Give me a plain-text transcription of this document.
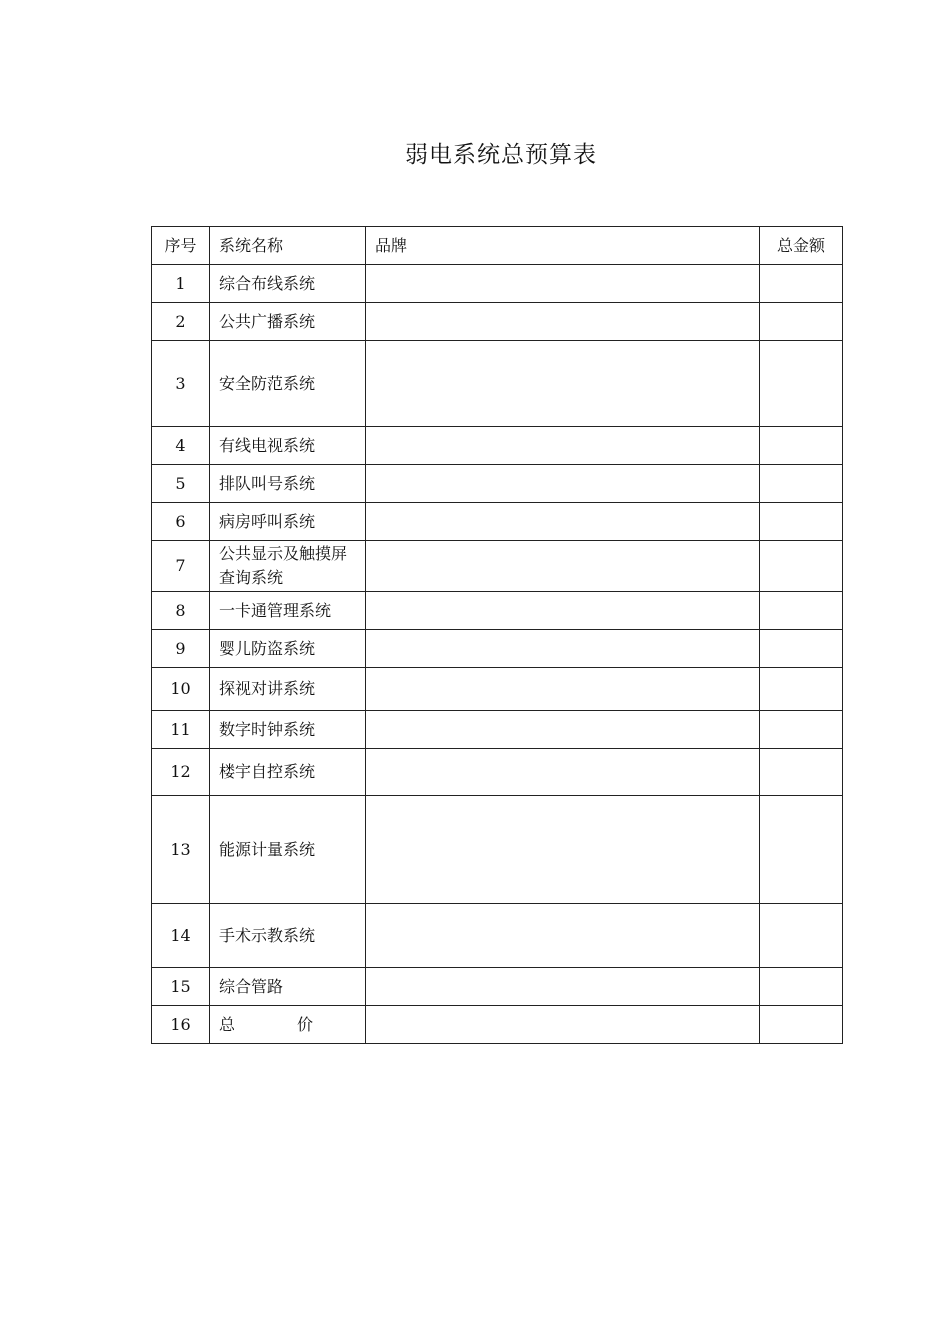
弱电系统总预算表
序号	系统名称	品牌	总金额
1	综合布线系统		
2	公共广播系统		
3	安全防范系统		
4	有线电视系统		
5	排队叫号系统		
6	病房呼叫系统		
7	公共显示及触摸屏查询系统		

8	一卡通管理系统		
9	婴儿防盗系统		
10	探视对讲系统		
11	数字时钟系统		
12	楼宇自控系统		
13	能源计量系统		
14	手术示教系统		
15	综合管路		
16	总 价		
